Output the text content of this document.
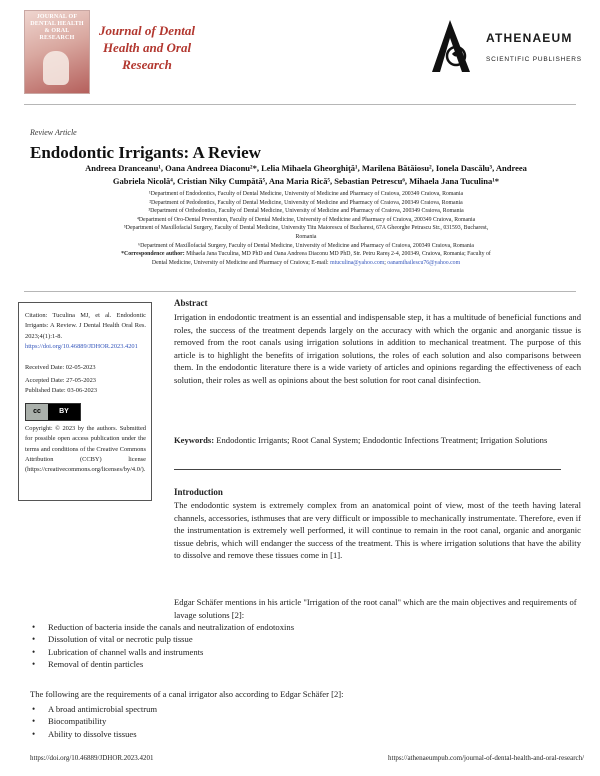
JOURNAL OF DENTAL HEALTH & ORAL RESEARCH	Journal of Dental
Health and Oral
Research
ATHENAEUM
SCIENTIFIC PUBLISHERS
Review Article
Endodontic Irrigants: A Review
Andreea Dranceanu¹, Oana Andreea Diaconu²*, Lelia Mihaela Gheorghiţă¹, Marilena Bătăiosu², Ionela Dascălu³, Andreea
Gabriela Nicolă⁴, Cristian Niky Cumpătă⁵, Ana Maria Rică⁵, Sebastian Petrescu⁶, Mihaela Jana Tuculina¹*
¹Department of Endodontics, Faculty of Dental Medicine, University of Medicine and Pharmacy of Craiova, 200349 Craiova, Romania
²Department of Pedodontics, Faculty of Dental Medicine, University of Medicine and Pharmacy of Craiova, 200349 Craiova, Romania
³Department of Orthodontics, Faculty of Dental Medicine, University of Medicine and Pharmacy of Craiova, 200349 Craiova, Romania
⁴Department of Oro-Dental Prevention, Faculty of Dental Medicine, University of Medicine and Pharmacy of Craiova, 200349 Craiova, Romania
⁵Department of Maxillofacial Surgery, Faculty of Dental Medicine, University Titu Maiorescu of Bucharest, 67A Gheorghe Petrascu Str., 031593, Bucharest,
Romania
⁶Department of Maxillofacial Surgery, Faculty of Dental Medicine, University of Medicine and Pharmacy of Craiova, 200349 Craiova, Romania
*Correspondence author: Mihaela Jana Tuculina, MD PhD and Oana Andreea Diaconu MD PhD, Str. Petru Rareş 2-4, 200349, Craiova, Romania; Faculty of
Dental Medicine, University of Medicine and Pharmacy of Craiova; E-mail: mtuculina@yahoo.com; oanamihailescu76@yahoo.com
Citation: Tuculina MJ, et al. Endodontic Irrigants: A Review. J Dental Health Oral Res. 2023;4(1):1-8.
https://doi.org/10.46889/JDHOR.2023.4201
Received Date: 02-05-2023
Accepted Date: 27-05-2023
Published Date: 03-06-2023
cc	BY
Copyright: © 2023 by the authors. Submitted for possible open access publication under the terms and conditions of the Creative Commons Attribution (CCBY) license (https://creativecommons.org/licenses/by/4.0/).
Abstract
Irrigation in endodontic treatment is an essential and indispensable step, it has a multitude of beneficial functions and roles, the success of the treatment depends largely on the accuracy with which the organic and anorganic tissue is removed from the root canals using irrigation solutions in addition to mechanical treatment. The purpose of this article is to highlight the benefits of irrigation solutions, the roles of each solution and also comparisons between them. In the endodontic literature there is a wide variety of articles and opinions regarding the effectiveness of each solution, their roles as well as opinions about the best solution for root canal disinfection.
Keywords: Endodontic Irrigants; Root Canal System; Endodontic Infections Treatment; Irrigation Solutions
Introduction
The endodontic system is extremely complex from an anatomical point of view, most of the teeth having lateral channels, accessories, isthmuses that are very difficult or impossible to mechanically instrumentate. Therefore, even if the instrumentation is extremely well performed, it will continue to remain in the root canal, organic and anorganic tissue debris, which will endanger the success of the treatment. This is where irrigation solutions that have the ability to dissolve and remove these tissues come in [1].
Edgar Schäfer mentions in his article "Irrigation of the root canal" which are the main objectives and requirements of lavage solutions [2]:
• Reduction of bacteria inside the canals and neutralization of endotoxins
• Dissolution of vital or necrotic pulp tissue
• Lubrication of channel walls and instruments
• Removal of dentin particles
The following are the requirements of a canal irrigator also according to Edgar Schäfer [2]:
• A broad antimicrobial spectrum
• Biocompatibility
• Ability to dissolve tissues
https://doi.org/10.46889/JDHOR.2023.4201	https://athenaeumpub.com/journal-of-dental-health-and-oral-research/
